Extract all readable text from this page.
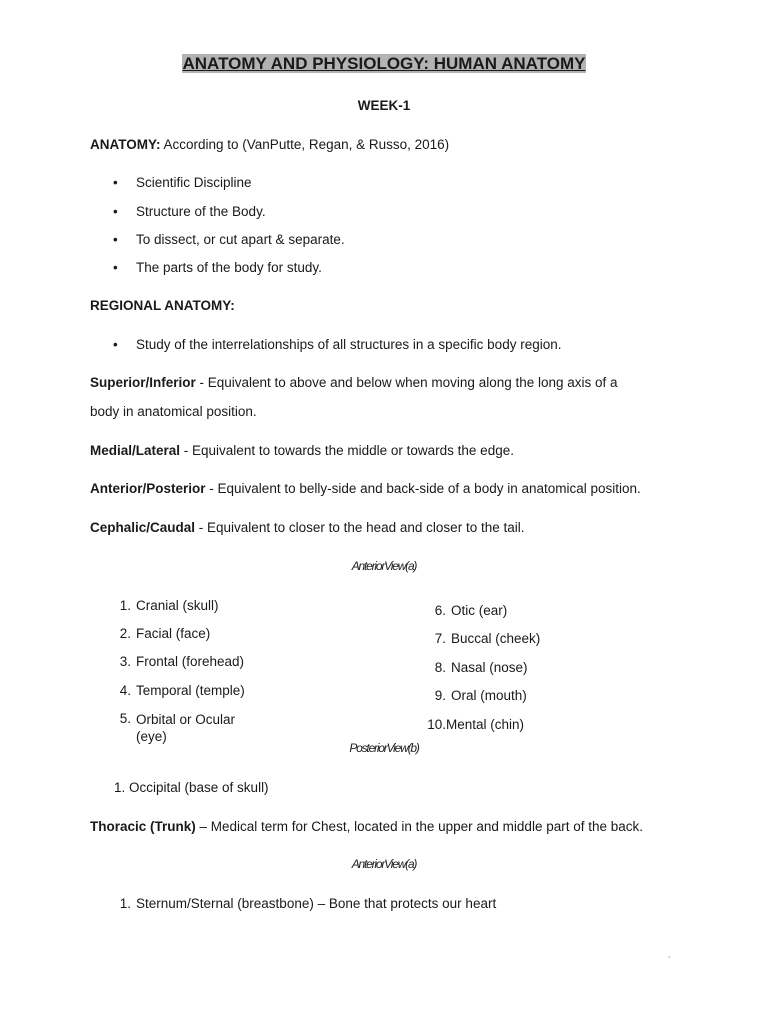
ANATOMY AND PHYSIOLOGY: HUMAN ANATOMY
WEEK-1
ANATOMY: According to (VanPutte, Regan, & Russo, 2016)
• Scientific Discipline
• Structure of the Body.
• To dissect, or cut apart & separate.
• The parts of the body for study.
REGIONAL ANATOMY:
• Study of the interrelationships of all structures in a specific body region.
Superior/Inferior - Equivalent to above and below when moving along the long axis of a
body in anatomical position.
Medial/Lateral - Equivalent to towards the middle or towards the edge.
Anterior/Posterior - Equivalent to belly-side and back-side of a body in anatomical position.
Cephalic/Caudal - Equivalent to closer to the head and closer to the tail.
AnteriorView(a)
1. Cranial (skull)
2. Facial (face)
3. Frontal (forehead)
4. Temporal (temple)
5. Orbital or Ocular (eye)
6. Otic (ear)
7. Buccal (cheek)
8. Nasal (nose)
9. Oral (mouth)
10.Mental (chin)
PosteriorView(b)
1. Occipital (base of skull)
Thoracic (Trunk) – Medical term for Chest, located in the upper and middle part of the back.
AnteriorView(a)
1. Sternum/Sternal (breastbone) – Bone that protects our heart
,
